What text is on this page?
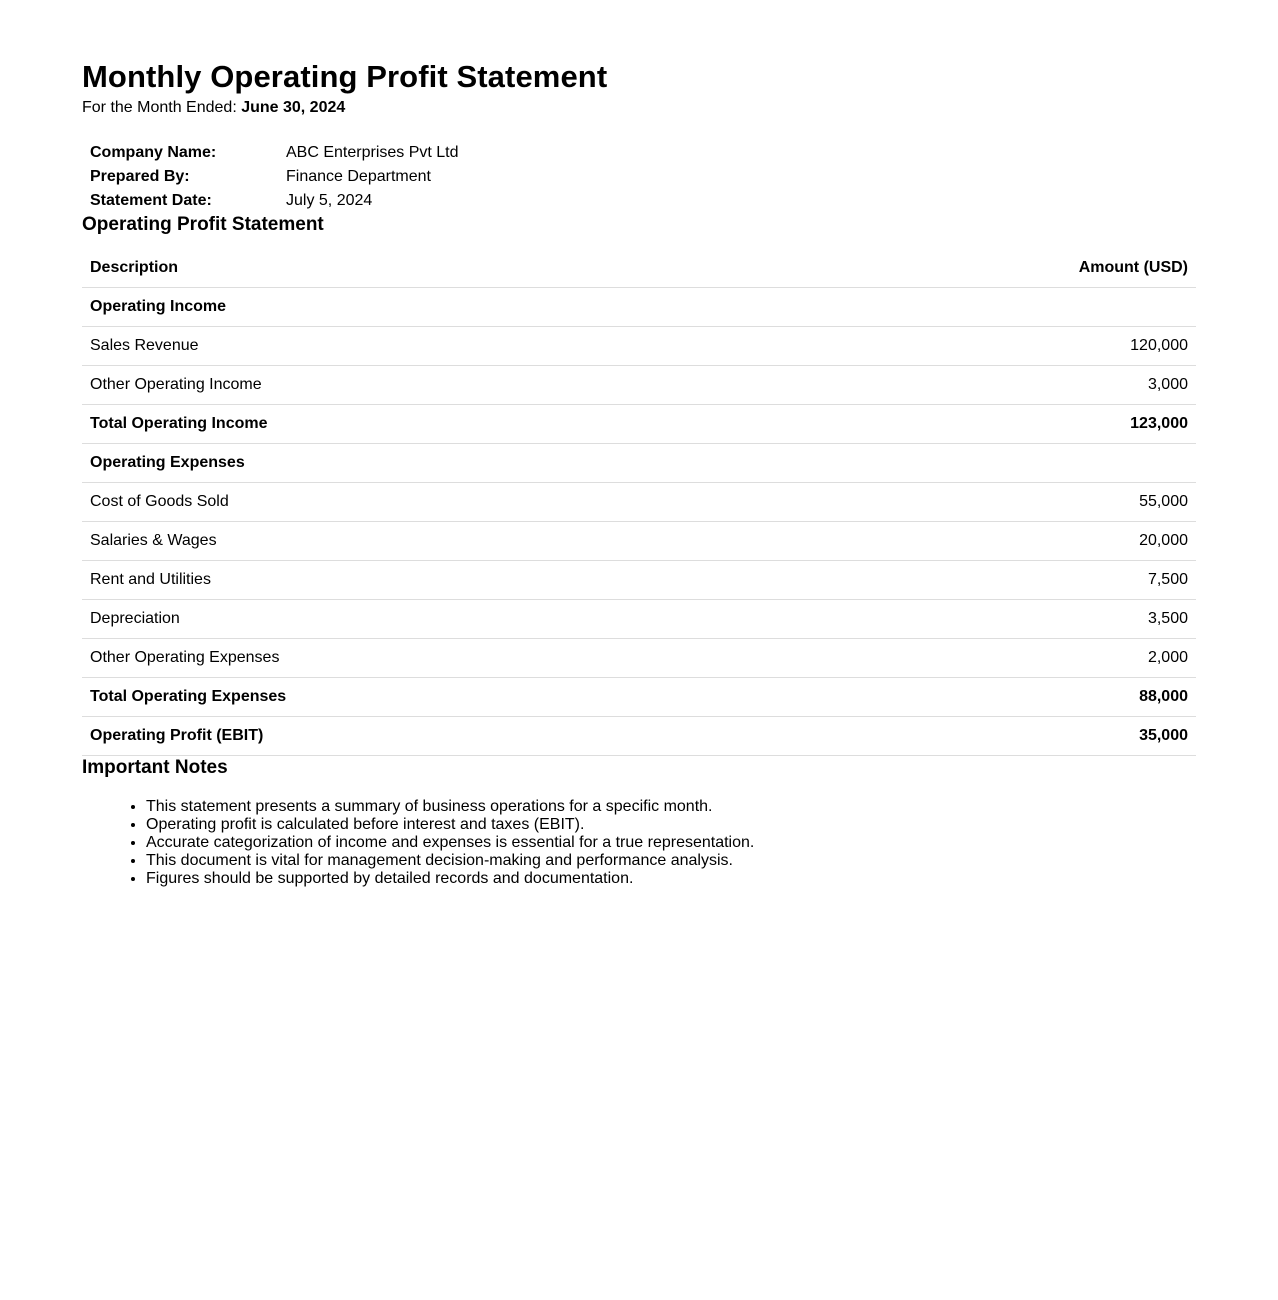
Monthly Operating Profit Statement
For the Month Ended: June 30, 2024
Company Name:	ABC Enterprises Pvt Ltd
Prepared By:	Finance Department
Statement Date:	July 5, 2024
Operating Profit Statement
Description	Amount (USD)
Operating Income	
Sales Revenue	120,000
Other Operating Income	3,000
Total Operating Income	123,000
Operating Expenses	
Cost of Goods Sold	55,000
Salaries & Wages	20,000
Rent and Utilities	7,500
Depreciation	3,500
Other Operating Expenses	2,000
Total Operating Expenses	88,000
Operating Profit (EBIT)	35,000
Important Notes
• This statement presents a summary of business operations for a specific month.
• Operating profit is calculated before interest and taxes (EBIT).
• Accurate categorization of income and expenses is essential for a true representation.
• This document is vital for management decision-making and performance analysis.
• Figures should be supported by detailed records and documentation.
